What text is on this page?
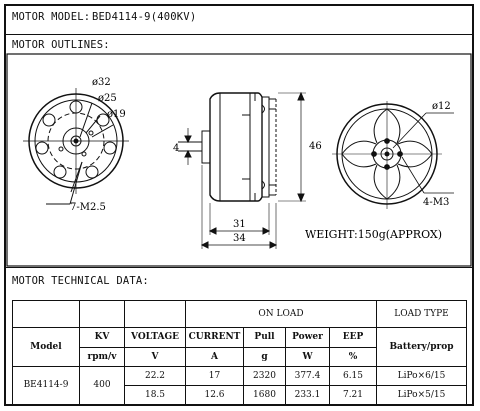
MOTOR MODEL: BED4114-9(400KV)
MOTOR OUTLINES:
ø32
ø25
ø19
7-M2.5
46
4
31
34
ø12
4-M3
WEIGHT:150g(APPROX)
MOTOR TECHNICAL DATA:
			ON LOAD				LOAD TYPE
Model	KV	VOLTAGE	CURRENT	Pull	Power	EEP	Battery/prop
	rpm/v	V	A	g	W	%	
BE4114-9	400	22.2	17	2320	377.4	6.15	LiPo×6/15
		18.5	12.6	1680	233.1	7.21	LiPo×5/15
